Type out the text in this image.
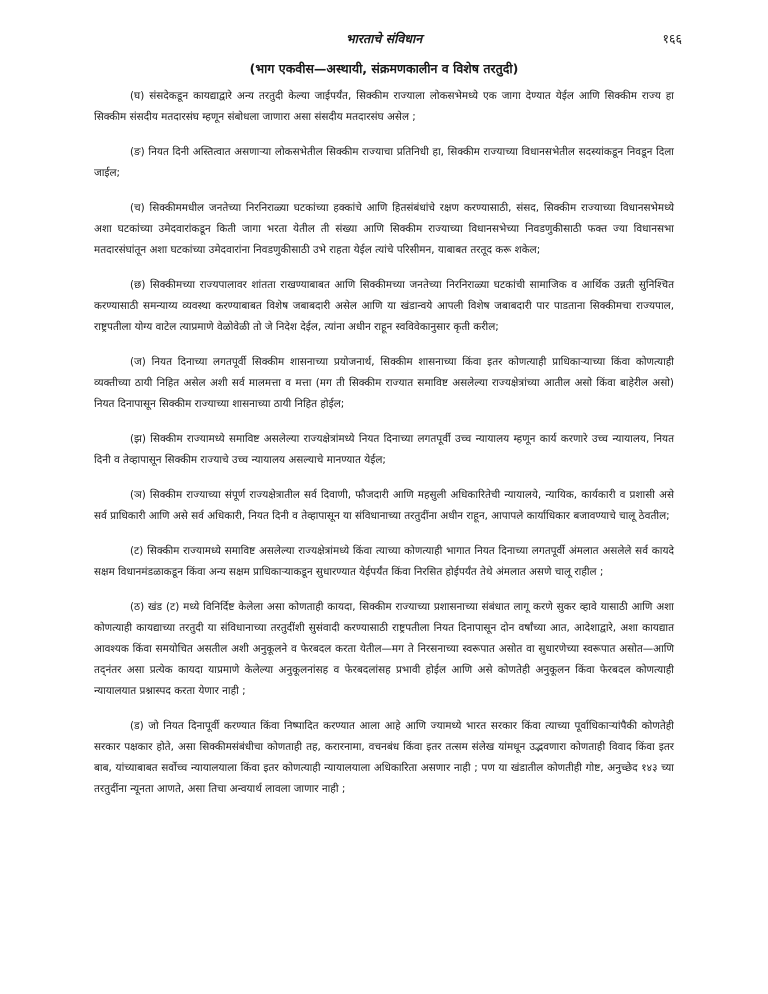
भारताचे संविधान	१६६
(भाग एकवीस—अस्थायी, संक्रमणकालीन व विशेष तरतुदी)

(घ) संसदेकडून कायद्याद्वारे अन्य तरतुदी केल्या जाईपर्यंत, सिक्कीम राज्याला लोकसभेमध्ये एक जागा देण्यात येईल आणि सिक्कीम राज्य हा सिक्कीम संसदीय मतदारसंघ म्हणून संबोधला जाणारा असा संसदीय मतदारसंघ असेल ;

(ङ) नियत दिनी अस्तित्वात असणाऱ्या लोकसभेतील सिक्कीम राज्याचा प्रतिनिधी हा, सिक्कीम राज्याच्या विधानसभेतील सदस्यांकडून निवडून दिला जाईल;

(च) सिक्कीममधील जनतेच्या निरनिराळ्या घटकांच्या हक्कांचे आणि हितसंबंधांचे रक्षण करण्यासाठी, संसद, सिक्कीम राज्याच्या विधानसभेमध्ये अशा घटकांच्या उमेदवारांकडून किती जागा भरता येतील ती संख्या आणि सिक्कीम राज्याच्या विधानसभेच्या निवडणुकीसाठी फक्त ज्या विधानसभा मतदारसंघांतून अशा घटकांच्या उमेदवारांना निवडणुकीसाठी उभे राहता येईल त्यांचे परिसीमन, याबाबत तरतूद करू शकेल;

(छ) सिक्कीमच्या राज्यपालावर शांतता राखण्याबाबत आणि सिक्कीमच्या जनतेच्या निरनिराळ्या घटकांची सामाजिक व आर्थिक उन्नती सुनिश्चित करण्यासाठी समन्याय्य व्यवस्था करण्याबाबत विशेष जबाबदारी असेल आणि या खंडान्वये आपली विशेष जबाबदारी पार पाडताना सिक्कीमचा राज्यपाल, राष्ट्रपतीला योग्य वाटेल त्याप्रमाणे वेळोवेळी तो जे निदेश देईल, त्यांना अधीन राहून स्वविवेकानुसार कृती करील;

(ज) नियत दिनाच्या लगतपूर्वी सिक्कीम शासनाच्या प्रयोजनार्थ, सिक्कीम शासनाच्या किंवा इतर कोणत्याही प्राधिकाऱ्याच्या किंवा कोणत्याही व्यक्तीच्या ठायी निहित असेल अशी सर्व मालमत्ता व मत्ता (मग ती सिक्कीम राज्यात समाविष्ट असलेल्या राज्यक्षेत्रांच्या आतील असो किंवा बाहेरील असो) नियत दिनापासून सिक्कीम राज्याच्या शासनाच्या ठायी निहित होईल;

(झ) सिक्कीम राज्यामध्ये समाविष्ट असलेल्या राज्यक्षेत्रांमध्ये नियत दिनाच्या लगतपूर्वी उच्च न्यायालय म्हणून कार्य करणारे उच्च न्यायालय, नियत दिनी व तेव्हापासून सिक्कीम राज्याचे उच्च न्यायालय असल्याचे मानण्यात येईल;

(ञ) सिक्कीम राज्याच्या संपूर्ण राज्यक्षेत्रातील सर्व दिवाणी, फौजदारी आणि महसुली अधिकारितेची न्यायालये, न्यायिक, कार्यकारी व प्रशासी असे सर्व प्राधिकारी आणि असे सर्व अधिकारी, नियत दिनी व तेव्हापासून या संविधानाच्या तरतुदींना अधीन राहून, आपापले कार्याधिकार बजावण्याचे चालू ठेवतील;

(ट) सिक्कीम राज्यामध्ये समाविष्ट असलेल्या राज्यक्षेत्रांमध्ये किंवा त्याच्या कोणत्याही भागात नियत दिनाच्या लगतपूर्वी अंमलात असलेले सर्व कायदे सक्षम विधानमंडळाकडून किंवा अन्य सक्षम प्राधिकाऱ्याकडून सुधारण्यात येईपर्यंत किंवा निरसित होईपर्यंत तेथे अंमलात असणे चालू राहील ;

(ठ) खंड (ट) मध्ये विनिर्दिष्ट केलेला असा कोणताही कायदा, सिक्कीम राज्याच्या प्रशासनाच्या संबंधात लागू करणे सुकर व्हावे यासाठी आणि अशा कोणत्याही कायद्याच्या तरतुदी या संविधानाच्या तरतुदींशी सुसंवादी करण्यासाठी राष्ट्रपतीला नियत दिनापासून दोन वर्षांच्या आत, आदेशाद्वारे, अशा कायद्यात आवश्यक किंवा समयोचित असतील अशी अनुकूलने व फेरबदल करता येतील—मग ते निरसनाच्या स्वरूपात असोत वा सुधारणेच्या स्वरूपात असोत—आणि तद्नंतर असा प्रत्येक कायदा याप्रमाणे केलेल्या अनुकूलनांसह व फेरबदलांसह प्रभावी होईल आणि असे कोणतेही अनुकूलन किंवा फेरबदल कोणत्याही न्यायालयात प्रश्नास्पद करता येणार नाही ;

(ड) जो नियत दिनापूर्वी करण्यात किंवा निष्पादित करण्यात आला आहे आणि ज्यामध्ये भारत सरकार किंवा त्याच्या पूर्वाधिकाऱ्यांपैकी कोणतेही सरकार पक्षकार होते, असा सिक्कीमसंबंधीचा कोणताही तह, करारनामा, वचनबंध किंवा इतर तत्सम संलेख यांमधून उद्भवणारा कोणताही विवाद किंवा इतर बाब, यांच्याबाबत सर्वोच्च न्यायालयाला किंवा इतर कोणत्याही न्यायालयाला अधिकारिता असणार नाही ; पण या खंडातील कोणतीही गोष्ट, अनुच्छेद १४३ च्या तरतुदींना न्यूनता आणते, असा तिचा अन्वयार्थ लावला जाणार नाही ;
